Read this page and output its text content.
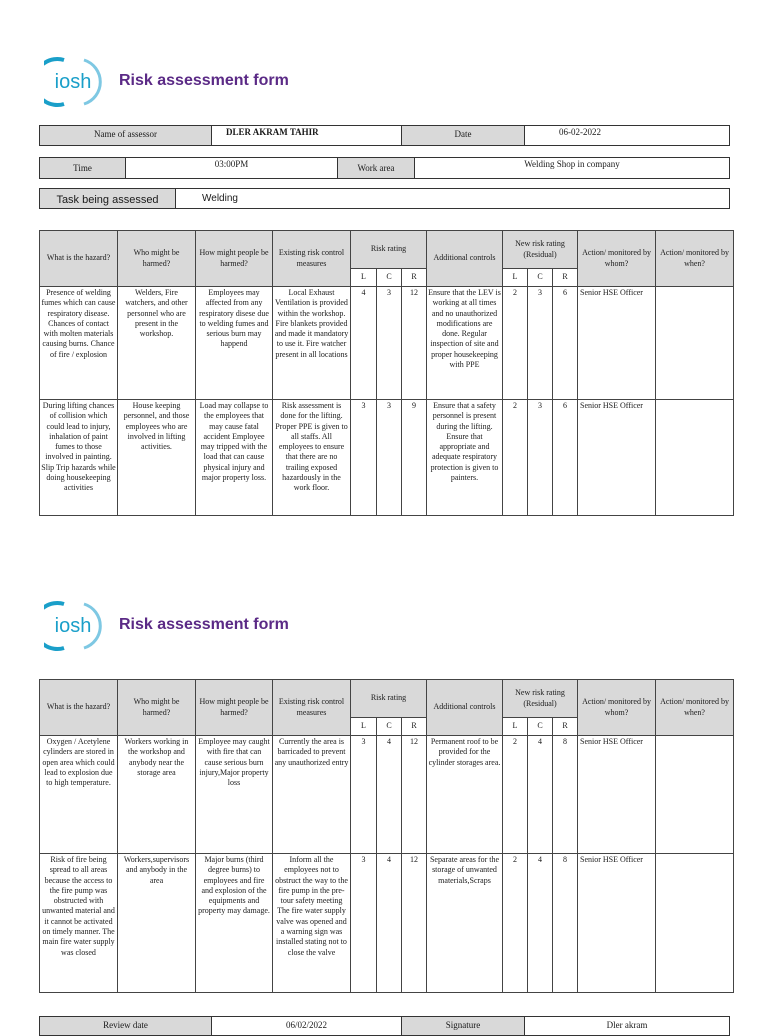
iosh Risk assessment form
Name of assessor	DLER AKRAM TAHIR	Date	06-02-2022
Time	03:00PM	Work area	Welding Shop in company
Task being assessed	Welding
What is the hazard?	Who might be harmed?	How might people be harmed?	Existing risk control measures	Risk rating			Additional controls	New risk rating (Residual)			Action/ monitored by whom?	Action/ monitored by when?
				L	C	R		L	C	R		
Presence of welding fumes which can cause respiratory disease. Chances of contact with molten materials causing burns. Chance of fire / explosion	Welders, Fire watchers, and other personnel who are present in the workshop.	Employees may affected from any respiratory disese due to welding fumes and serious burn may happend	Local Exhaust Ventilation is provided within the workshop. Fire blankets provided and made it mandatory to use it. Fire watcher present in all locations	4	3	12	Ensure that the LEV is working at all times and no unauthorized modifications are done. Regular inspection of site and proper housekeeping with PPE	2	3	6	Senior HSE Officer	
During lifting chances of collision which could lead to injury, inhalation of paint fumes to those involved in painting. Slip Trip hazards while doing housekeeping activities	House keeping personnel, and those employees who are involved in lifting activities.	Load may collapse to the employees that may cause fatal accident Employee may tripped with the load that can cause physical injury and major property loss.	Risk assessment is done for the lifting. Proper PPE is given to all staffs. All employees to ensure that there are no trailing exposed hazardously in the work floor.	3	3	9	Ensure that a safety personnel is present during the lifting. Ensure that appropriate and adequate respiratory protection is given to painters.	2	3	6	Senior HSE Officer	
iosh Risk assessment form
What is the hazard?	Who might be harmed?	How might people be harmed?	Existing risk control measures	Risk rating			Additional controls	New risk rating (Residual)			Action/ monitored by whom?	Action/ monitored by when?
				L	C	R		L	C	R		
Oxygen / Acetylene cylinders are stored in open area which could lead to explosion due to high temperature.	Workers working in the workshop and anybody near the storage area	Employee may caught with fire that can cause serious burn injury,Major property loss	Currently the area is barricaded to prevent any unauthorized entry	3	4	12	Permanent roof to be provided for the cylinder storages area.	2	4	8	Senior HSE Officer	
Risk of fire being spread to all areas because the access to the fire pump was obstructed with unwanted material and it cannot be activated on timely manner. The main fire water supply was closed	Workers,supervisors and anybody in the area	Major burns (third degree burns) to employees and fire and explosion of the equipments and property may damage.	Inform all the employees not to obstruct the way to the fire pump in the pre- tour safety meeting The fire water supply valve was opened and a warning sign was installed stating not to close the valve	3	4	12	Separate areas for the storage of unwanted materials,Scraps	2	4	8	Senior HSE Officer	
Review date	06/02/2022	Signature	Dler akram
